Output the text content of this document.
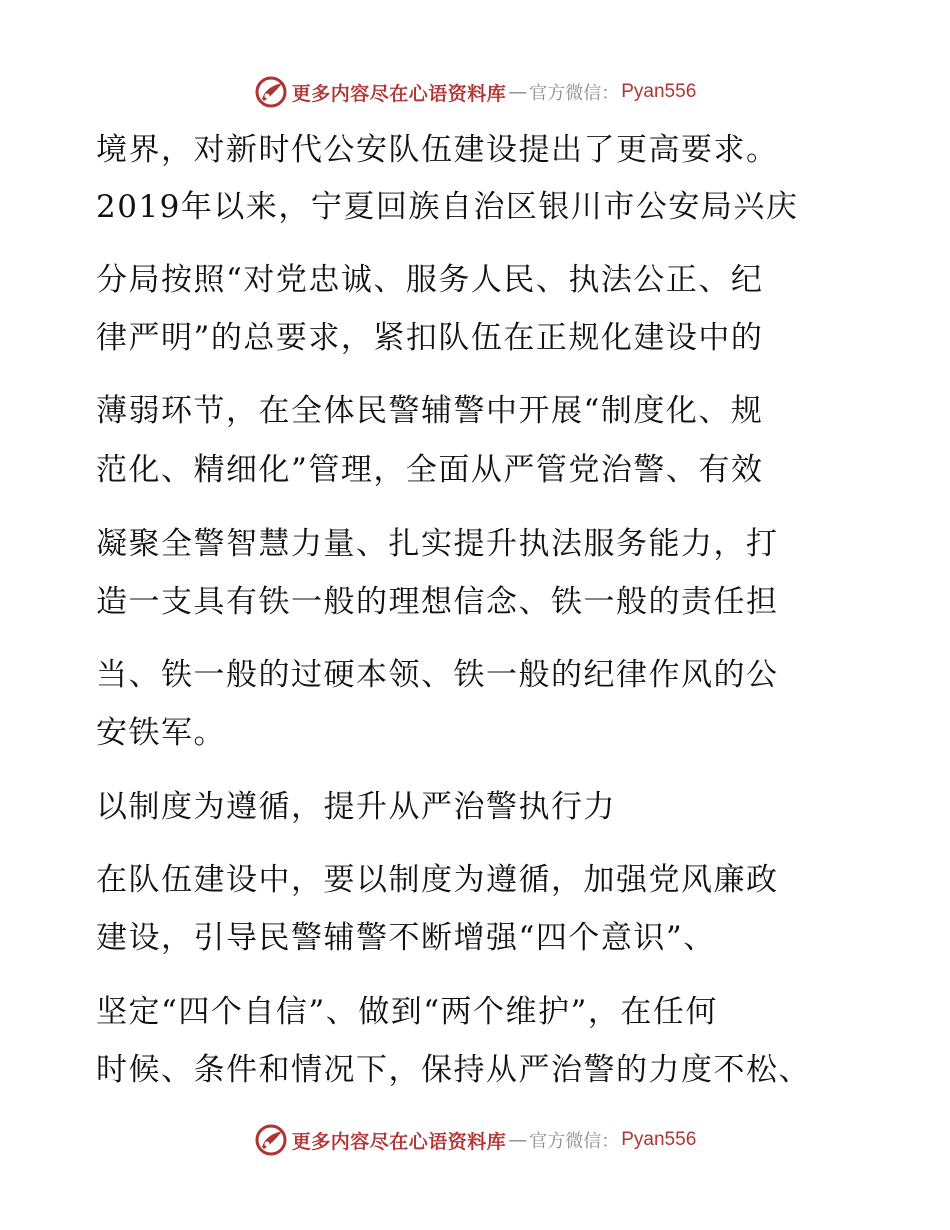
更多内容尽在心语资料库 — 官方微信： Pyan556

境界，对新时代公安队伍建设提出了更高要求。

2019年以来，宁夏回族自治区银川市公安局兴庆

分局按照“对党忠诚、服务人民、执法公正、纪

律严明”的总要求，紧扣队伍在正规化建设中的

薄弱环节，在全体民警辅警中开展“制度化、规

范化、精细化”管理，全面从严管党治警、有效

凝聚全警智慧力量、扎实提升执法服务能力，打

造一支具有铁一般的理想信念、铁一般的责任担

当、铁一般的过硬本领、铁一般的纪律作风的公

安铁军。

以制度为遵循，提升从严治警执行力

在队伍建设中，要以制度为遵循，加强党风廉政

建设，引导民警辅警不断增强“四个意识”、

坚定“四个自信”、做到“两个维护”，在任何

时候、条件和情况下，保持从严治警的力度不松、

更多内容尽在心语资料库 — 官方微信： Pyan556
